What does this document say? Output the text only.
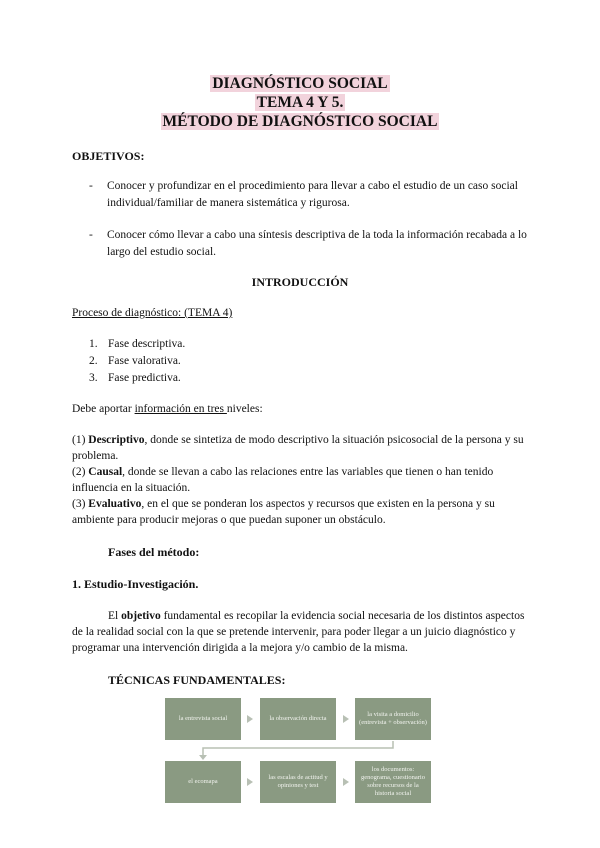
DIAGNÓSTICO SOCIAL
TEMA 4 Y 5.
MÉTODO DE DIAGNÓSTICO SOCIAL
OBJETIVOS:
- Conocer y profundizar en el procedimiento para llevar a cabo el estudio de un caso social individual/familiar de manera sistemática y rigurosa.
- Conocer cómo llevar a cabo una síntesis descriptiva de la toda la información recabada a lo largo del estudio social.
INTRODUCCIÓN
Proceso de diagnóstico: (TEMA 4)
1. Fase descriptiva.
2. Fase valorativa.
3. Fase predictiva.
Debe aportar información en tres niveles:
(1) Descriptivo, donde se sintetiza de modo descriptivo la situación psicosocial de la persona y su problema.
(2) Causal, donde se llevan a cabo las relaciones entre las variables que tienen o han tenido influencia en la situación.
(3) Evaluativo, en el que se ponderan los aspectos y recursos que existen en la persona y su ambiente para producir mejoras o que puedan suponer un obstáculo.
Fases del método:
1. Estudio-Investigación.
El objetivo fundamental es recopilar la evidencia social necesaria de los distintos aspectos de la realidad social con la que se pretende intervenir, para poder llegar a un juicio diagnóstico y programar una intervención dirigida a la mejora y/o cambio de la misma.
TÉCNICAS FUNDAMENTALES:
la entrevista social	la observación directa
la visita a domicilio (entrevista + observación)
el ecomapa
las escalas de actitud y opiniones y test
los documentos: genograma, cuestionario sobre recursos de la historia social
